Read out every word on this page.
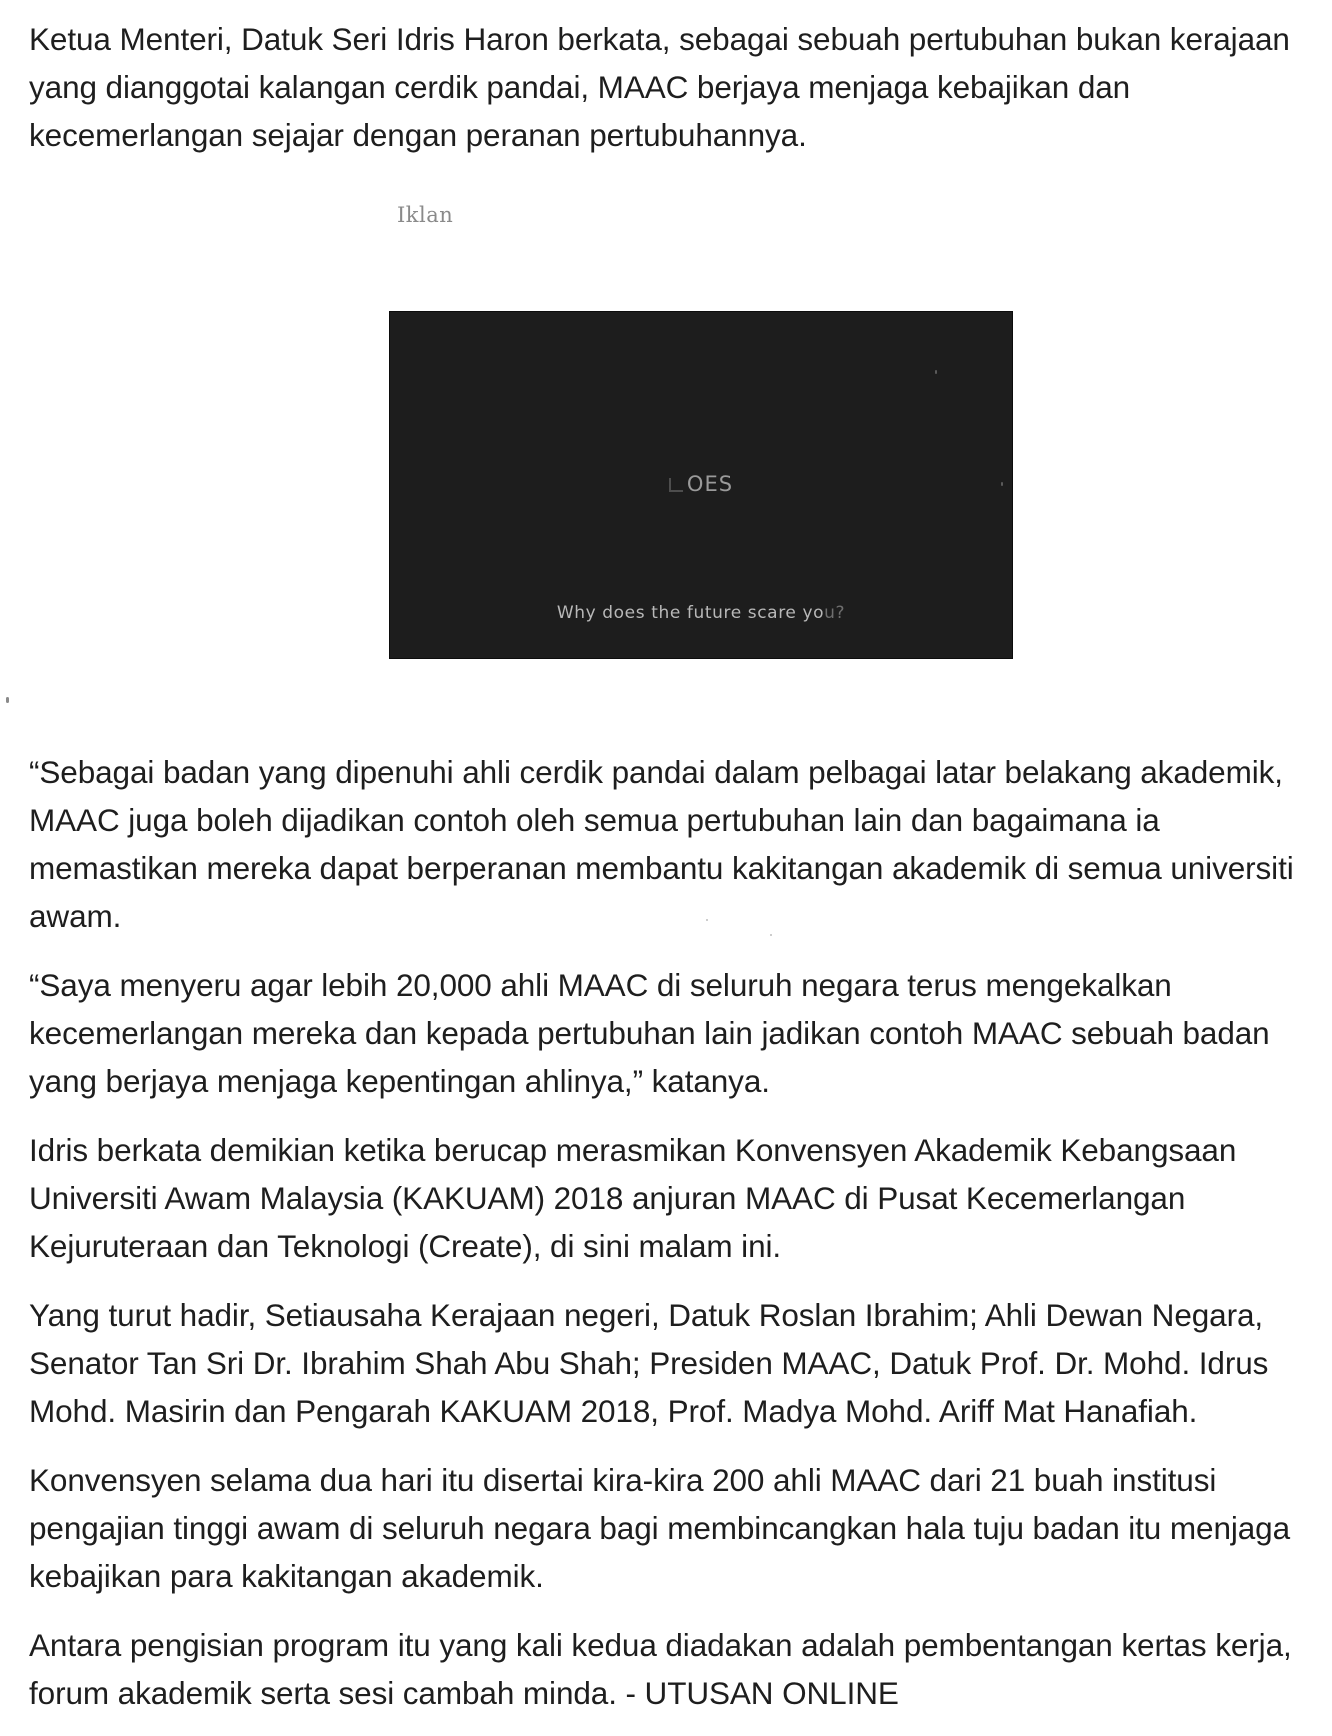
Ketua Menteri, Datuk Seri Idris Haron berkata, sebagai sebuah pertubuhan bukan kerajaan yang dianggotai kalangan cerdik pandai, MAAC berjaya menjaga kebajikan dan kecemerlangan sejajar dengan peranan pertubuhannya.

Iklan
OES
Why does the future scare you?

“Sebagai badan yang dipenuhi ahli cerdik pandai dalam pelbagai latar belakang akademik, MAAC juga boleh dijadikan contoh oleh semua pertubuhan lain dan bagaimana ia memastikan mereka dapat berperanan membantu kakitangan akademik di semua universiti awam.

“Saya menyeru agar lebih 20,000 ahli MAAC di seluruh negara terus mengekalkan kecemerlangan mereka dan kepada pertubuhan lain jadikan contoh MAAC sebuah badan yang berjaya menjaga kepentingan ahlinya,” katanya.

Idris berkata demikian ketika berucap merasmikan Konvensyen Akademik Kebangsaan Universiti Awam Malaysia (KAKUAM) 2018 anjuran MAAC di Pusat Kecemerlangan Kejuruteraan dan Teknologi (Create), di sini malam ini.

Yang turut hadir, Setiausaha Kerajaan negeri, Datuk Roslan Ibrahim; Ahli Dewan Negara, Senator Tan Sri Dr. Ibrahim Shah Abu Shah; Presiden MAAC, Datuk Prof. Dr. Mohd. Idrus Mohd. Masirin dan Pengarah KAKUAM 2018, Prof. Madya Mohd. Ariff Mat Hanafiah.

Konvensyen selama dua hari itu disertai kira-kira 200 ahli MAAC dari 21 buah institusi pengajian tinggi awam di seluruh negara bagi membincangkan hala tuju badan itu menjaga kebajikan para kakitangan akademik.

Antara pengisian program itu yang kali kedua diadakan adalah pembentangan kertas kerja, forum akademik serta sesi cambah minda. - UTUSAN ONLINE
